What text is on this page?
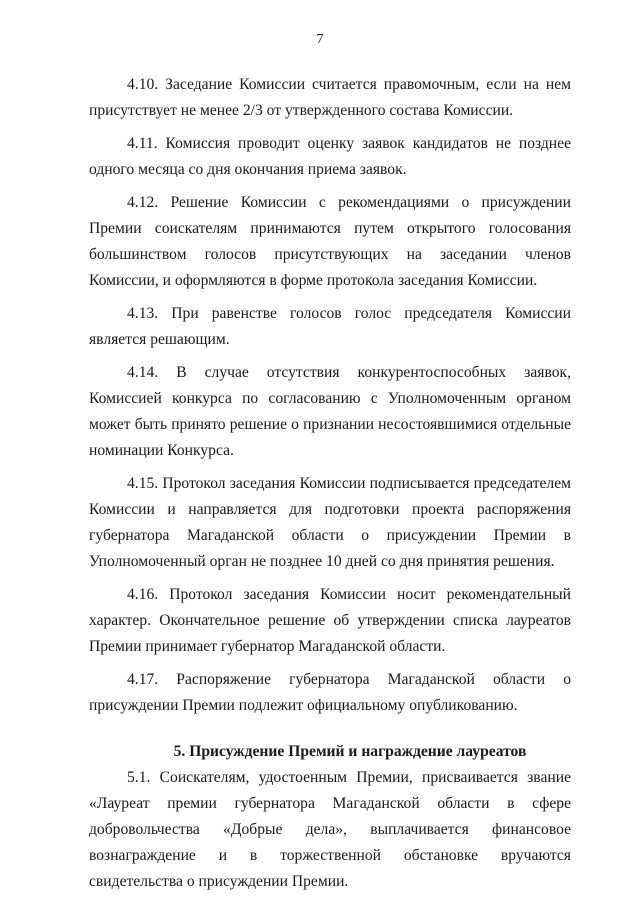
7

4.10. Заседание Комиссии считается правомочным, если на нем присутствует не менее 2/3 от утвержденного состава Комиссии.

4.11. Комиссия проводит оценку заявок кандидатов не позднее одного месяца со дня окончания приема заявок.

4.12. Решение Комиссии с рекомендациями о присуждении Премии соискателям принимаются путем открытого голосования большинством голосов присутствующих на заседании членов Комиссии, и оформляются в форме протокола заседания Комиссии.

4.13. При равенстве голосов голос председателя Комиссии является решающим.

4.14. В случае отсутствия конкурентоспособных заявок, Комиссией конкурса по согласованию с Уполномоченным органом может быть принято решение о признании несостоявшимися отдельные номинации Конкурса.

4.15. Протокол заседания Комиссии подписывается председателем Комиссии и направляется для подготовки проекта распоряжения губернатора Магаданской области о присуждении Премии в Уполномоченный орган не позднее 10 дней со дня принятия решения.

4.16. Протокол заседания Комиссии носит рекомендательный характер. Окончательное решение об утверждении списка лауреатов Премии принимает губернатор Магаданской области.

4.17. Распоряжение губернатора Магаданской области о присуждении Премии подлежит официальному опубликованию.

5. Присуждение Премий и награждение лауреатов

5.1. Соискателям, удостоенным Премии, присваивается звание «Лауреат премии губернатора Магаданской области в сфере добровольчества «Добрые дела», выплачивается финансовое вознаграждение и в торжественной обстановке вручаются свидетельства о присуждении Премии.
